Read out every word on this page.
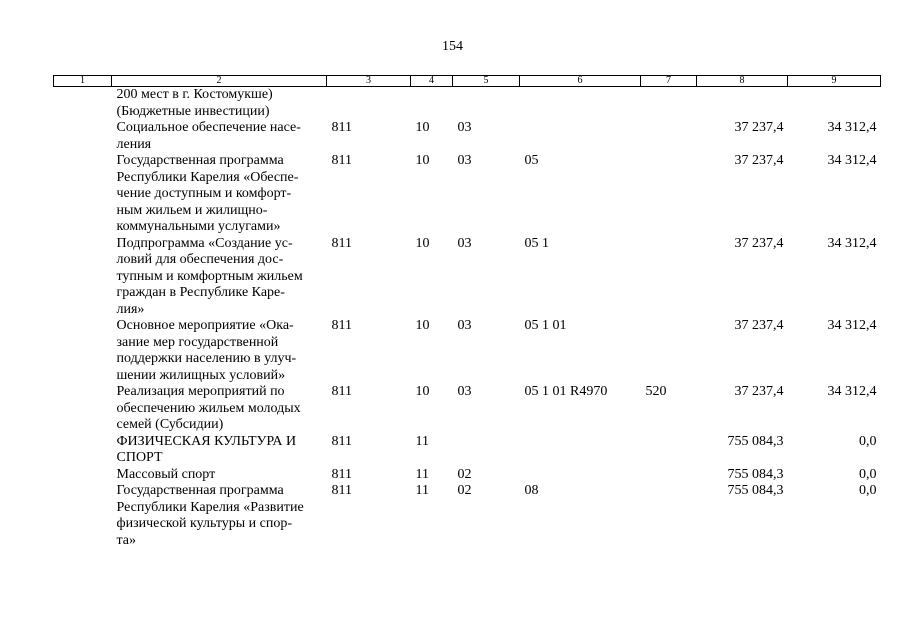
154
1	2	3	4	5	6	7	8	9

	200 мест в г. Костомукше)
(Бюджетные инвестиции)							

	Социальное обеспечение насе-
ления	811	10	03			37 237,4	34 312,4

	Государственная программа
Республики Карелия «Обеспе-
чение доступным и комфорт-
ным жильем и жилищно-
коммунальными услугами»	811	10	03	05		37 237,4	34 312,4

	Подпрограмма «Создание ус-
ловий для обеспечения дос-
тупным и комфортным жильем
граждан в Республике Каре-
лия»	811	10	03	05 1		37 237,4	34 312,4

	Основное мероприятие «Ока-
зание мер государственной
поддержки населению в улуч-
шении жилищных условий»	811	10	03	05 1 01		37 237,4	34 312,4

	Реализация мероприятий по
обеспечению жильем молодых
семей (Субсидии)	811	10	03	05 1 01 R4970	520	37 237,4	34 312,4

	ФИЗИЧЕСКАЯ КУЛЬТУРА И
СПОРТ	811	11				755 084,3	0,0

	Массовый спорт	811	11	02			755 084,3	0,0

	Государственная программа
Республики Карелия «Развитие
физической культуры и спор-
та»	811	11	02	08		755 084,3	0,0
